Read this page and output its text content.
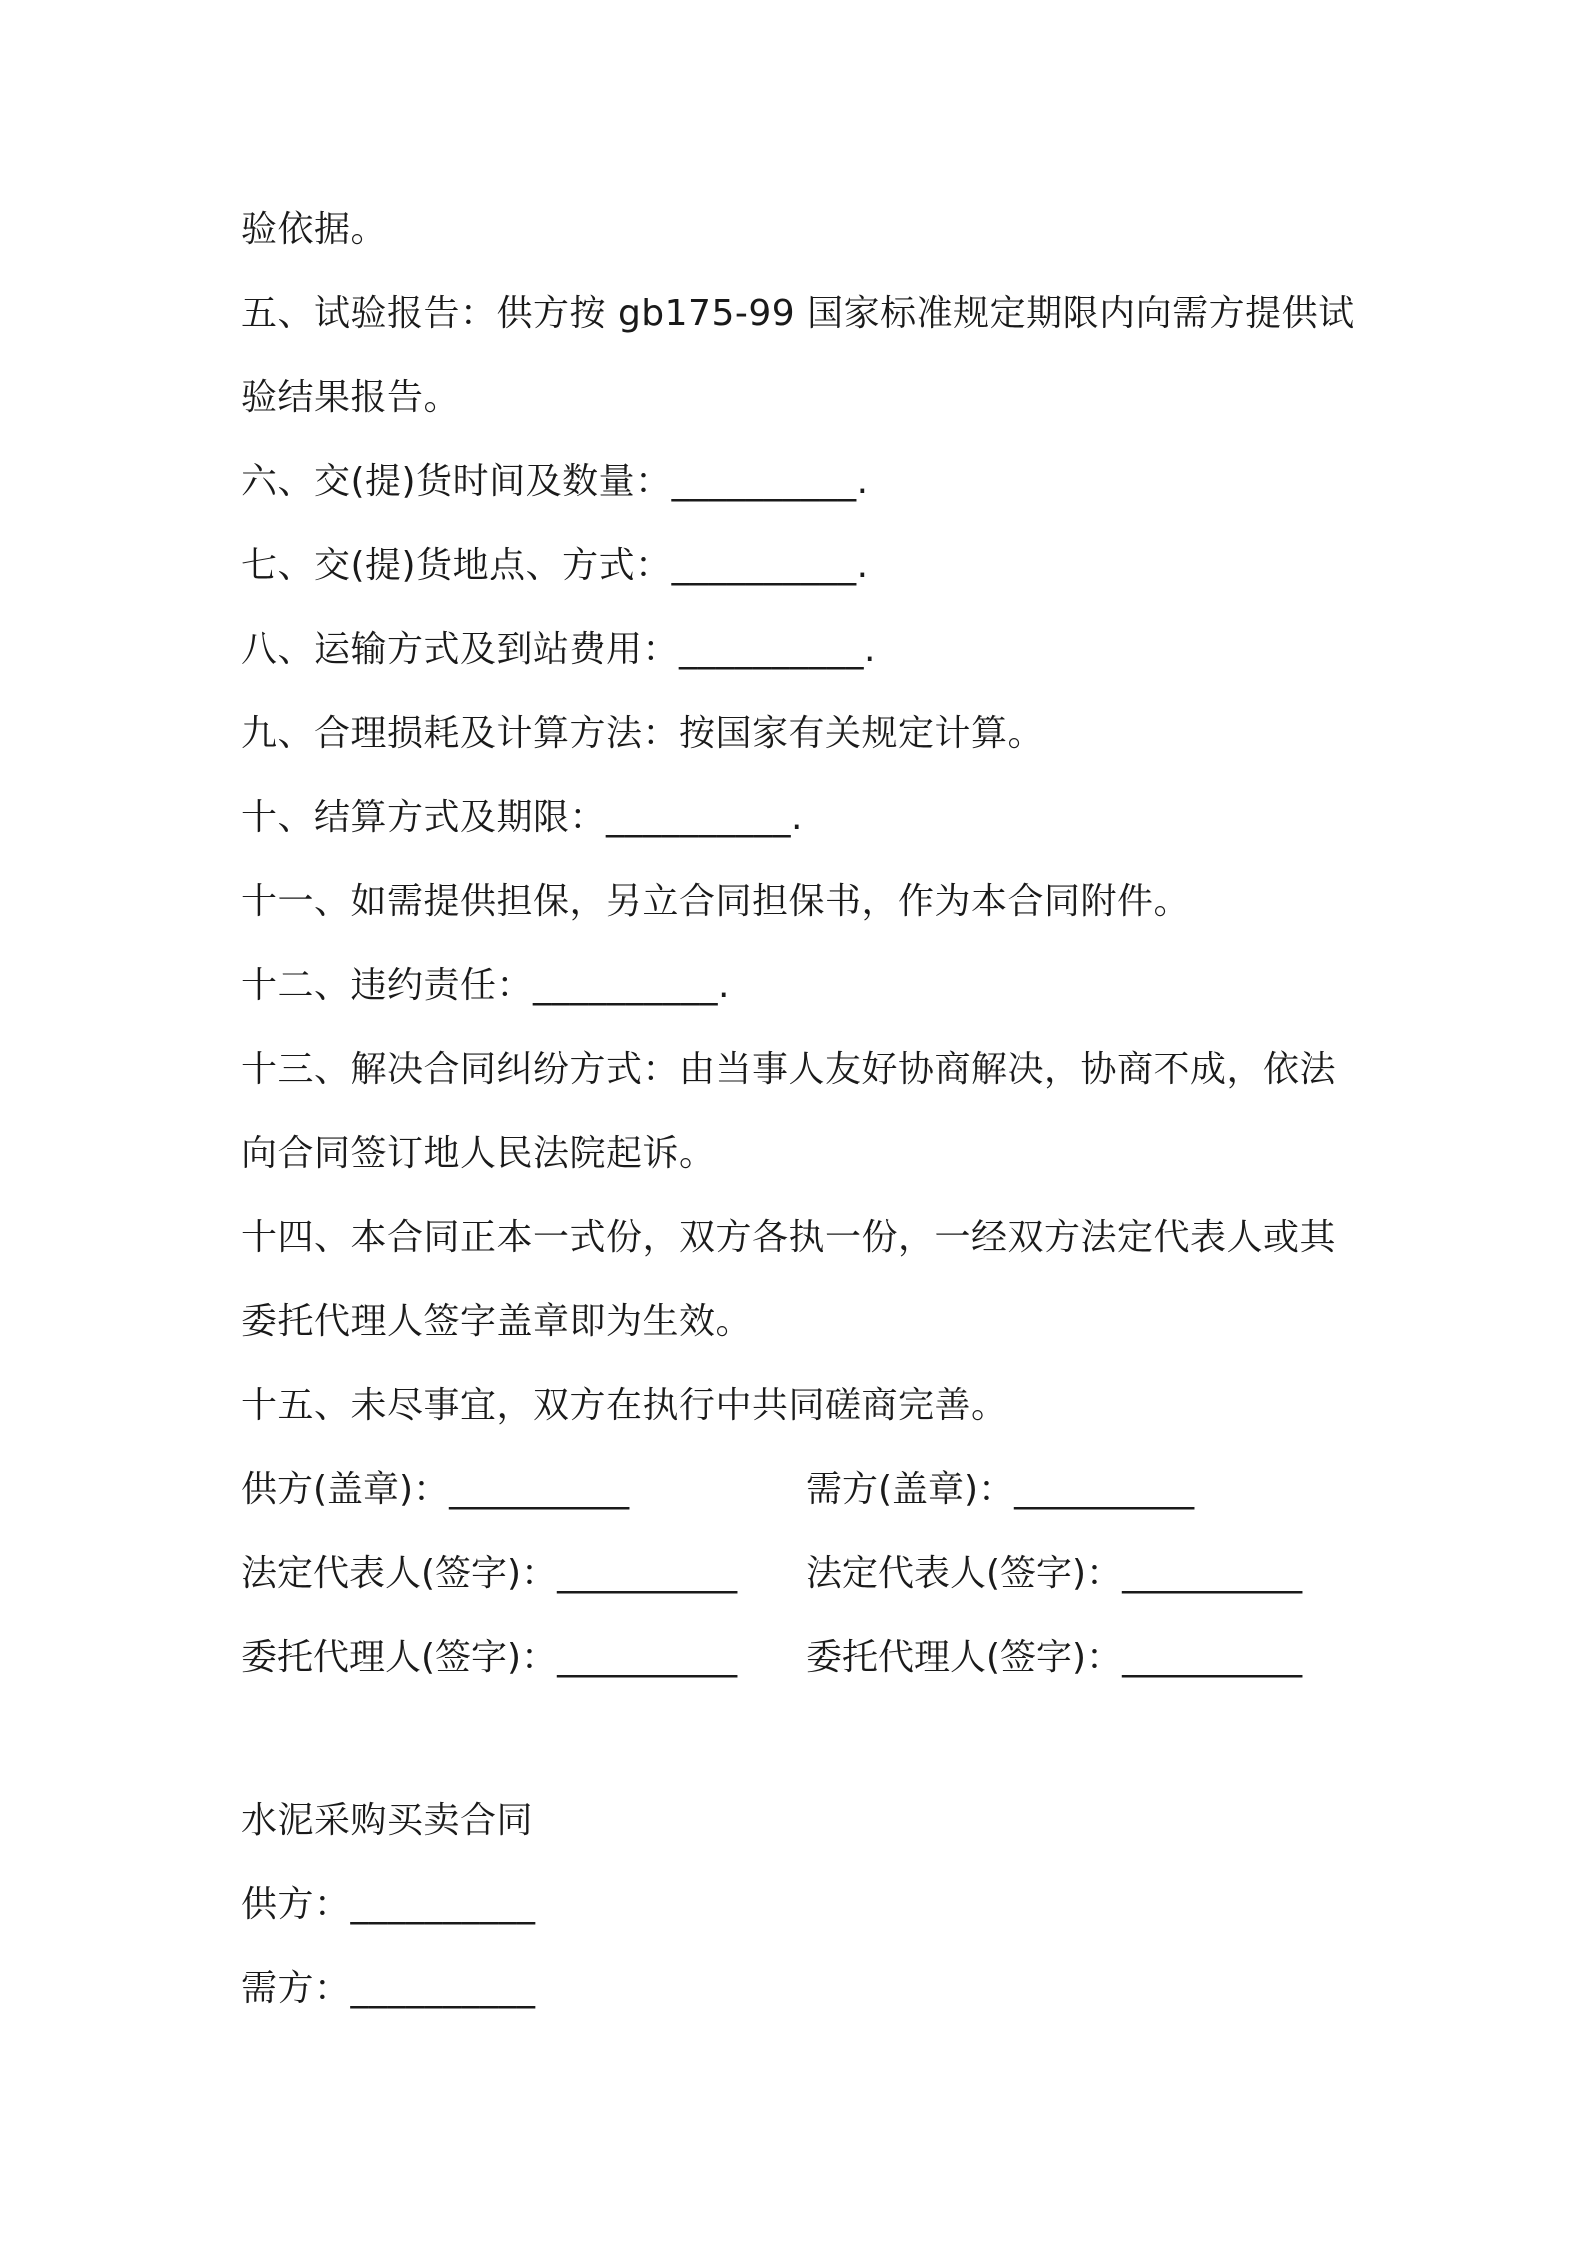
验依据。
五、试验报告：供方按 gb175-99 国家标准规定期限内向需方提供试
验结果报告。
六、交(提)货时间及数量：__________.
七、交(提)货地点、方式：__________.
八、运输方式及到站费用：__________.
九、合理损耗及计算方法：按国家有关规定计算。
十、结算方式及期限：__________.
十一、如需提供担保，另立合同担保书，作为本合同附件。
十二、违约责任：__________.
十三、解决合同纠纷方式：由当事人友好协商解决，协商不成，依法
向合同签订地人民法院起诉。
十四、本合同正本一式份，双方各执一份，一经双方法定代表人或其
委托代理人签字盖章即为生效。
十五、未尽事宜，双方在执行中共同磋商完善。
供方(盖章)：__________	需方(盖章)：__________
法定代表人(签字)：__________ 法定代表人(签字)：__________
委托代理人(签字)：__________ 委托代理人(签字)：__________
水泥采购买卖合同
供方：__________
需方：__________
